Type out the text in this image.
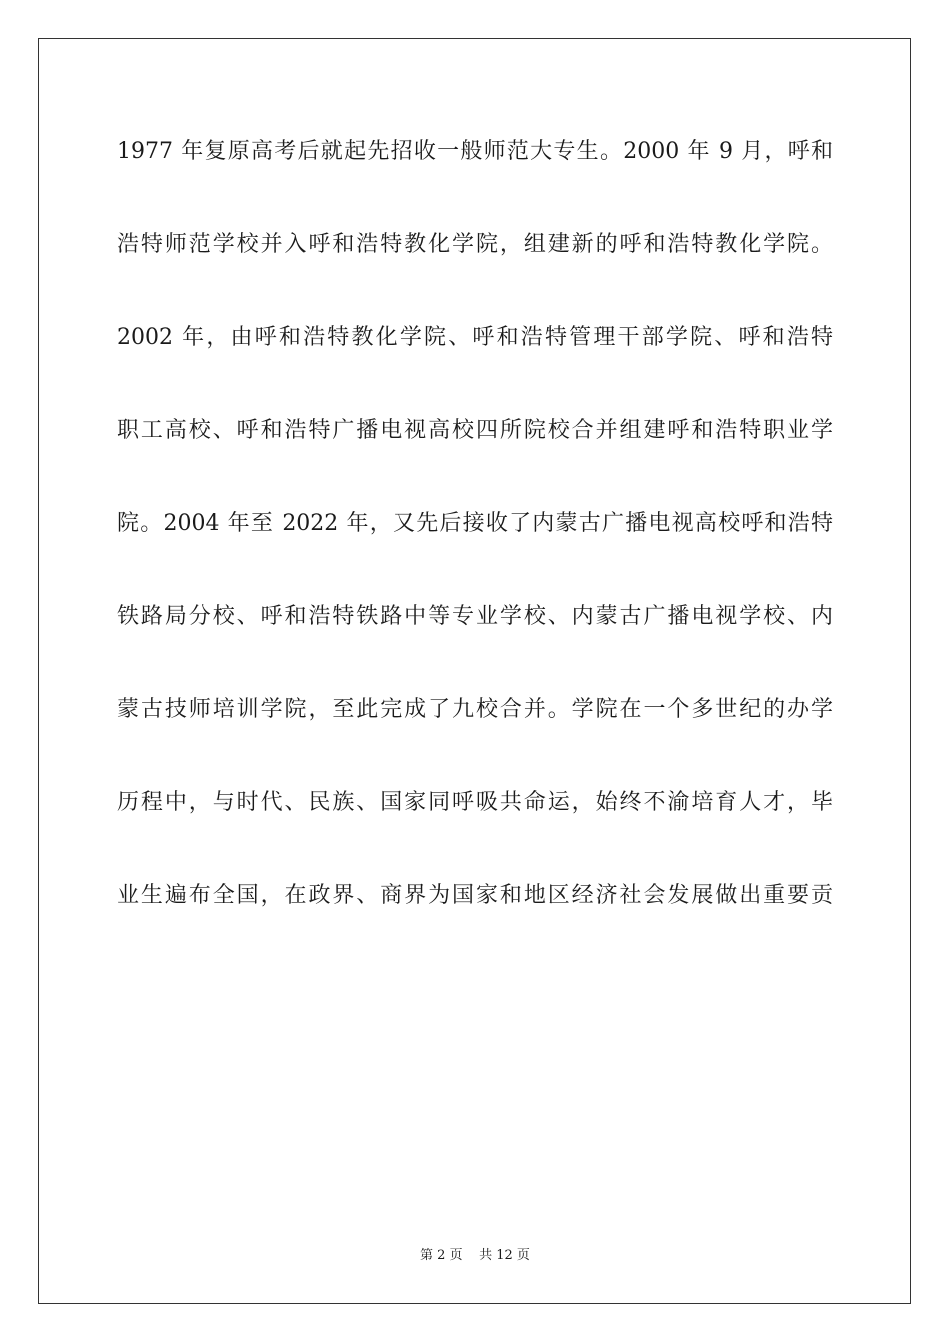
1977 年复原高考后就起先招收一般师范大专生。2000 年 9 月，呼和
浩特师范学校并入呼和浩特教化学院，组建新的呼和浩特教化学院。
2002 年，由呼和浩特教化学院、呼和浩特管理干部学院、呼和浩特
职工高校、呼和浩特广播电视高校四所院校合并组建呼和浩特职业学
院。2004 年至 2022 年，又先后接收了内蒙古广播电视高校呼和浩特
铁路局分校、呼和浩特铁路中等专业学校、内蒙古广播电视学校、内
蒙古技师培训学院，至此完成了九校合并。学院在一个多世纪的办学
历程中，与时代、民族、国家同呼吸共命运，始终不渝培育人才，毕
业生遍布全国，在政界、商界为国家和地区经济社会发展做出重要贡
第 2 页 共 12 页
